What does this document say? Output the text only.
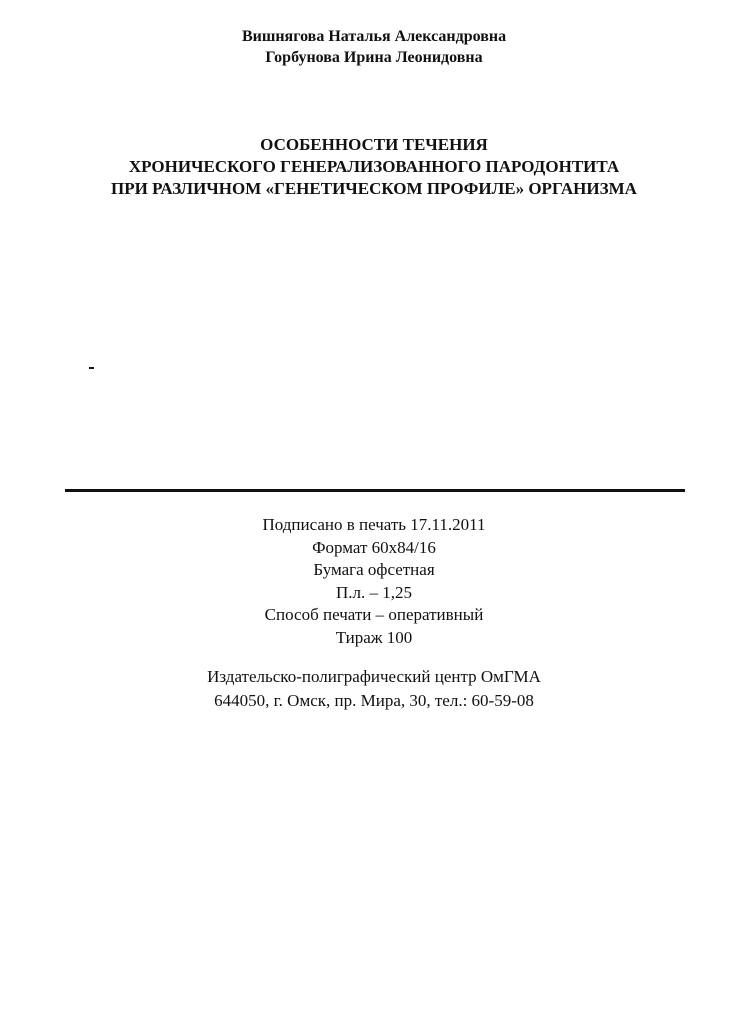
Вишнягова Наталья Александровна
Горбунова Ирина Леонидовна
ОСОБЕННОСТИ ТЕЧЕНИЯ
ХРОНИЧЕСКОГО ГЕНЕРАЛИЗОВАННОГО ПАРОДОНТИТА
ПРИ РАЗЛИЧНОМ «ГЕНЕТИЧЕСКОМ ПРОФИЛЕ» ОРГАНИЗМА
Подписано в печать 17.11.2011
Формат 60х84/16
Бумага офсетная
П.л. – 1,25
Способ печати – оперативный
Тираж 100
Издательско-полиграфический центр ОмГМА
644050, г. Омск, пр. Мира, 30, тел.: 60-59-08
